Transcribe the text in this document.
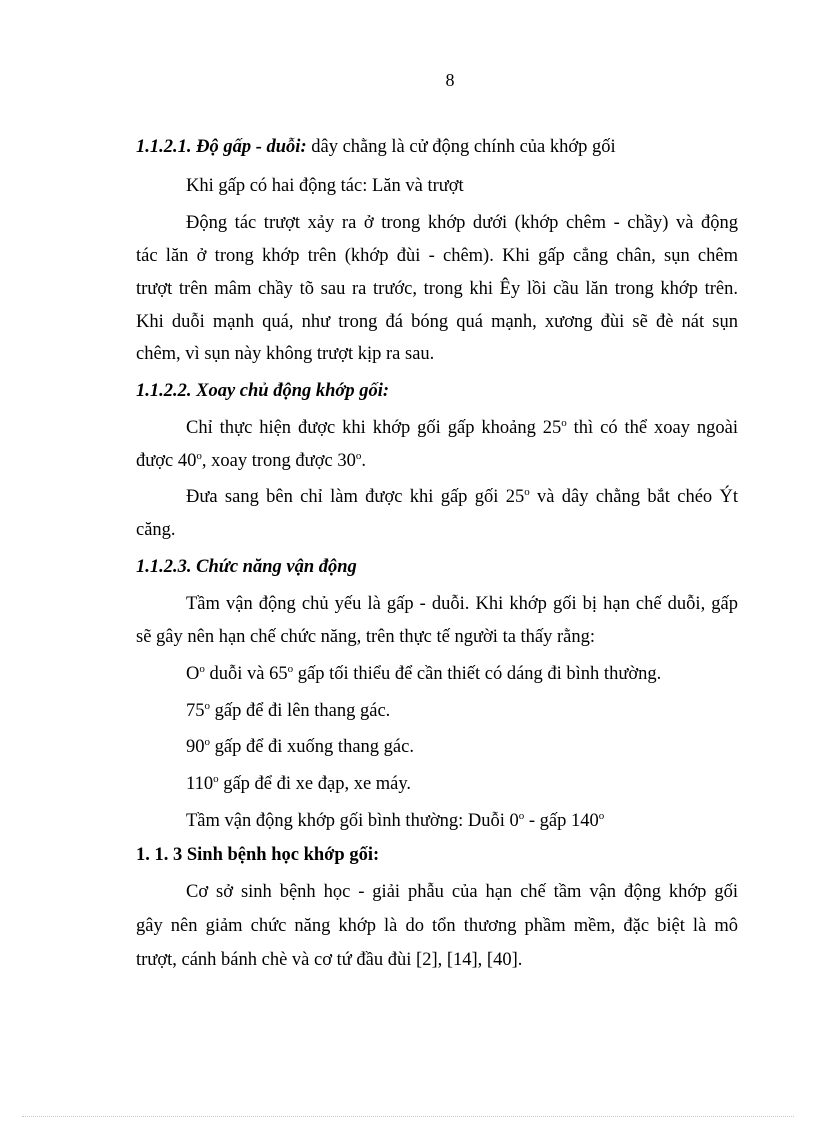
8
1.1.2.1. Độ gấp - duỗi: dây chằng là cử động chính của khớp gối
Khi gấp có hai động tác: Lăn và trượt
Động tác trượt xảy ra ở trong khớp dưới (khớp chêm - chầy) và động
tác lăn ở trong khớp trên (khớp đùi - chêm). Khi gấp cẳng chân, sụn chêm
trượt trên mâm chầy tõ sau ra trước, trong khi Êy lồi cầu lăn trong khớp trên.
Khi duỗi mạnh quá, như trong đá bóng quá mạnh, xương đùi sẽ đè nát sụn
chêm, vì sụn này không trượt kịp ra sau.
1.1.2.2. Xoay chủ động khớp gối:
Chỉ thực hiện được khi khớp gối gấp khoảng 25$^o$ thì có thể xoay ngoài
được 40$^o$, xoay trong được 30$^o$.
Đưa sang bên chỉ làm được khi gấp gối 25$^o$ và dây chằng bắt chéo Ýt
căng.
1.1.2.3. Chức năng vận động
Tầm vận động chủ yếu là gấp - duỗi. Khi khớp gối bị hạn chế duỗi, gấp
sẽ gây nên hạn chế chức năng, trên thực tế người ta thấy rằng:
$O^o$ duỗi và 65$^o$ gấp tối thiểu để cần thiết có dáng đi bình thường.
75$^o$ gấp để đi lên thang gác.
90$^o$ gấp để đi xuống thang gác.
110$^o$ gấp để đi xe đạp, xe máy.
Tầm vận động khớp gối bình thường: Duỗi 0$^o$ - gấp 140$^o$
1. 1. 3 Sinh bệnh học khớp gối:
Cơ sở sinh bệnh học - giải phẫu của hạn chế tầm vận động khớp gối
gây nên giảm chức năng khớp là do tổn thương phầm mềm, đặc biệt là mô
trượt, cánh bánh chè và cơ tứ đầu đùi [2], [14], [40].
